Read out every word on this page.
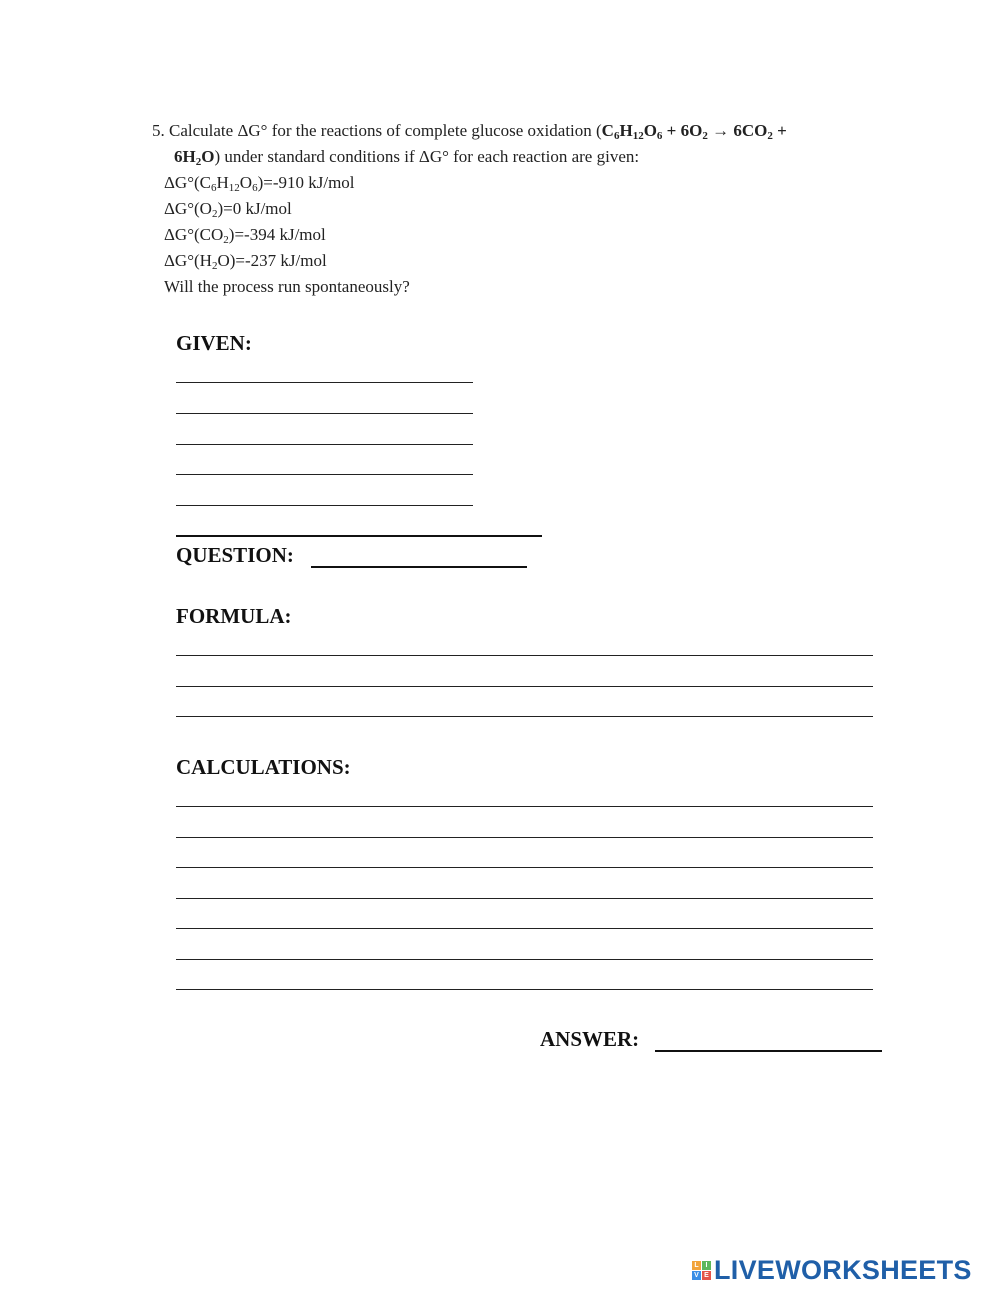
5. Calculate ΔG° for the reactions of complete glucose oxidation ($C_6H_{12}O_6 + 6O_2 \to 6CO_2$ +
$6H_2O$) under standard conditions if ΔG° for each reaction are given:
$\Delta G^\circ(C_6H_{12}O_6)=-910$ kJ/mol
$\Delta G^\circ(O_2)=0$ kJ/mol
$\Delta G^\circ(CO_2)=-394$ kJ/mol
$\Delta G^\circ(H_2O)=-237$ kJ/mol
Will the process run spontaneously?
GIVEN:
QUESTION:
FORMULA:
CALCULATIONS:
ANSWER:
L I
V E LIVEWORKSHEETS
